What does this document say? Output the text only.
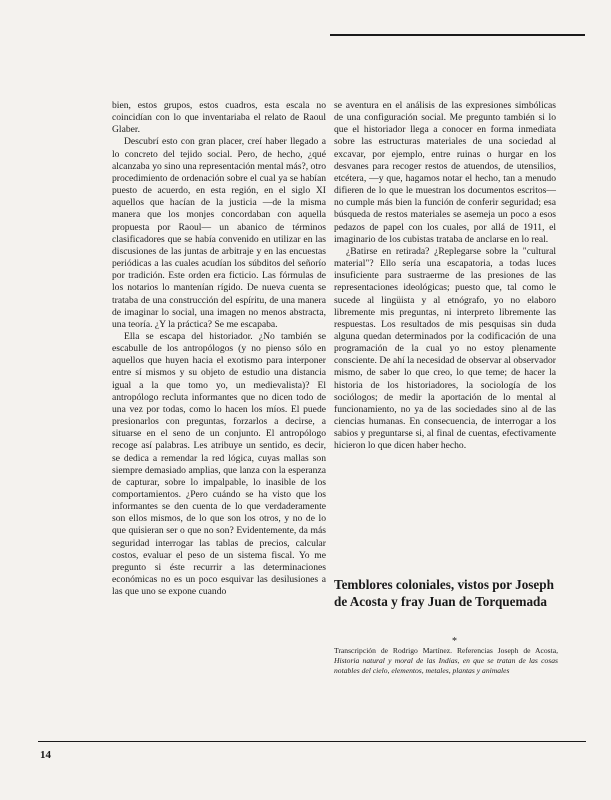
bien, estos grupos, estos cuadros, esta escala no coincidían con lo que inventariaba el relato de Raoul Glaber.

Descubrí esto con gran placer, creí haber llegado a lo concreto del tejido social. Pero, de hecho, ¿qué alcanzaba yo sino una representación mental más?, otro procedimiento de ordenación sobre el cual ya se habían puesto de acuerdo, en esta región, en el siglo XI aquellos que hacían de la justicia —de la misma manera que los monjes concordaban con aquella propuesta por Raoul— un abanico de términos clasificadores que se había convenido en utilizar en las discusiones de las juntas de arbitraje y en las encuestas periódicas a las cuales acudían los súbditos del señorío por tradición. Este orden era ficticio. Las fórmulas de los notarios lo mantenían rígido. De nueva cuenta se trataba de una construcción del espíritu, de una manera de imaginar lo social, una imagen no menos abstracta, una teoría. ¿Y la práctica? Se me escapaba.

Ella se escapa del historiador. ¿No también se escabulle de los antropólogos (y no pienso sólo en aquellos que huyen hacia el exotismo para interponer entre sí mismos y su objeto de estudio una distancia igual a la que tomo yo, un medievalista)? El antropólogo recluta informantes que no dicen todo de una vez por todas, como lo hacen los míos. El puede presionarlos con preguntas, forzarlos a decirse, a situarse en el seno de un conjunto. El antropólogo recoge así palabras. Les atribuye un sentido, es decir, se dedica a remendar la red lógica, cuyas mallas son siempre demasiado amplias, que lanza con la esperanza de capturar, sobre lo impalpable, lo inasible de los comportamientos. ¿Pero cuándo se ha visto que los informantes se den cuenta de lo que verdaderamente son ellos mismos, de lo que son los otros, y no de lo que quisieran ser o que no son? Evidentemente, da más seguridad interrogar las tablas de precios, calcular costos, evaluar el peso de un sistema fiscal. Yo me pregunto si éste recurrir a las determinaciones económicas no es un poco esquivar las desilusiones a las que uno se expone cuando

se aventura en el análisis de las expresiones simbólicas de una configuración social. Me pregunto también si lo que el historiador llega a conocer en forma inmediata sobre las estructuras materiales de una sociedad al excavar, por ejemplo, entre ruinas o hurgar en los desvanes para recoger restos de atuendos, de utensilios, etcétera, —y que, hagamos notar el hecho, tan a menudo difieren de lo que le muestran los documentos escritos— no cumple más bien la función de conferir seguridad; esa búsqueda de restos materiales se asemeja un poco a esos pedazos de papel con los cuales, por allá de 1911, el imaginario de los cubistas trataba de anclarse en lo real.

¿Batirse en retirada? ¿Replegarse sobre la "cultural material"? Ello sería una escapatoria, a todas luces insuficiente para sustraerme de las presiones de las representaciones ideológicas; puesto que, tal como le sucede al lingüista y al etnógrafo, yo no elaboro libremente mis preguntas, ni interpreto libremente las respuestas. Los resultados de mis pesquisas sin duda alguna quedan determinados por la codificación de una programación de la cual yo no estoy plenamente consciente. De ahí la necesidad de observar al observador mismo, de saber lo que creo, lo que teme; de hacer la historia de los historiadores, la sociología de los sociólogos; de medir la aportación de lo mental al funcionamiento, no ya de las sociedades sino al de las ciencias humanas. En consecuencia, de interrogar a los sabios y preguntarse si, al final de cuentas, efectivamente hicieron lo que dicen haber hecho.

Temblores coloniales, vistos por Joseph de Acosta y fray Juan de Torquemada
*
Transcripción de Rodrigo Martínez. Referencias Joseph de Acosta, Historia natural y moral de las Indias, en que se tratan de las cosas notables del cielo, elementos, metales, plantas y animales
14
